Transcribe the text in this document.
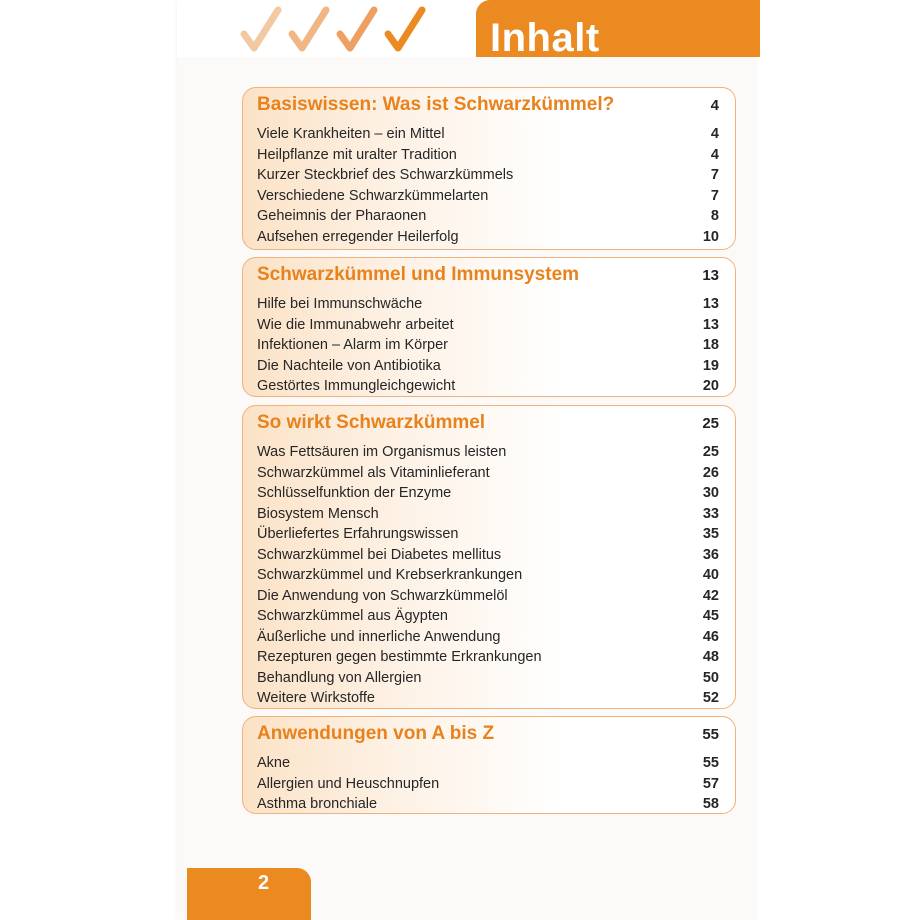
Inhalt
Basiswissen: Was ist Schwarzkümmel?	4
Viele Krankheiten – ein Mittel	4
Heilpflanze mit uralter Tradition	4
Kurzer Steckbrief des Schwarzkümmels	7
Verschiedene Schwarzkümmelarten	7
Geheimnis der Pharaonen	8
Aufsehen erregender Heilerfolg	10
Schwarzkümmel und Immunsystem	13
Hilfe bei Immunschwäche	13
Wie die Immunabwehr arbeitet	13
Infektionen – Alarm im Körper	18
Die Nachteile von Antibiotika	19
Gestörtes Immungleichgewicht	20
So wirkt Schwarzkümmel	25
Was Fettsäuren im Organismus leisten	25
Schwarzkümmel als Vitaminlieferant	26
Schlüsselfunktion der Enzyme	30
Biosystem Mensch	33
Überliefertes Erfahrungswissen	35
Schwarzkümmel bei Diabetes mellitus	36
Schwarzkümmel und Krebserkrankungen	40
Die Anwendung von Schwarzkümmelöl	42
Schwarzkümmel aus Ägypten	45
Äußerliche und innerliche Anwendung	46
Rezepturen gegen bestimmte Erkrankungen	48
Behandlung von Allergien	50
Weitere Wirkstoffe	52
Anwendungen von A bis Z	55
Akne	55
Allergien und Heuschnupfen	57
Asthma bronchiale	58
2
